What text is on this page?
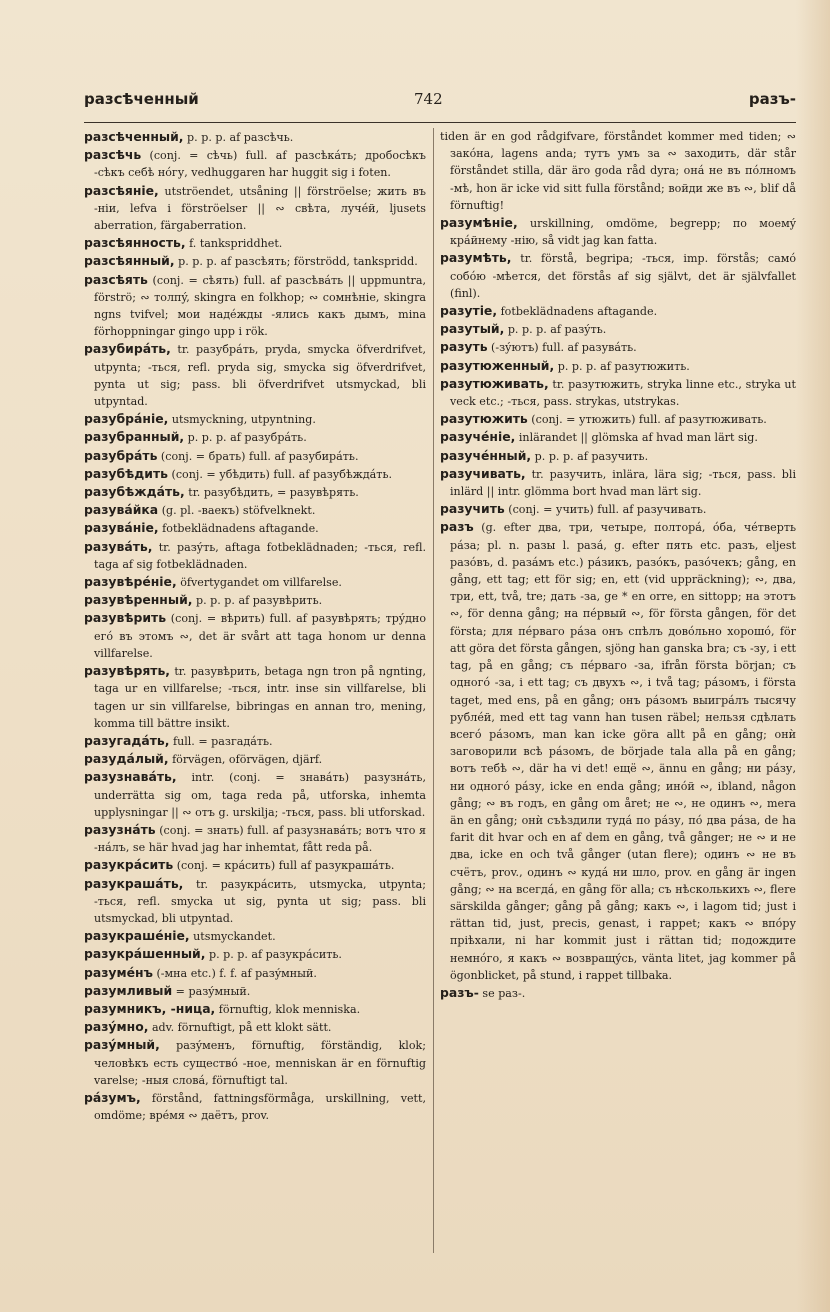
разсѣченный	742	разъ-
разсѣченный, p. p. p. af разсѣчь.
разсѣчь (conj. = сѣчь) full. af разсѣкáть; дробосѣкъ -сѣкъ себѣ нóгу, vedhuggaren har huggit sig i foten.
разсѣянie, utströendet, utsåning || förströelse; жить въ -нiи, lefva i förströelser || ∾ свѣта, лучéй, ljusets aberration, färgaberration.
разсѣянность, f. tankspriddhet.
разсѣянный, p. p. p. af разсѣять; förströdd, tankspridd.
разсѣять (conj. = сѣять) full. af разсѣвáть || uppmuntra, förströ; ∾ толпý, skingra en folkhop; ∾ сомнѣнie, skingra ngns tvifvel; мои надéжды -ялись какъ дымъ, mina förhoppningar gingo upp i rök.
разубирáть, tr. разубрáть, pryda, smycka öfverdrifvet, utpynta; -ться, refl. pryda sig, smycka sig öfverdrifvet, pynta ut sig; pass. bli öfverdrifvet utsmyckad, bli utpyntad.
разубрáнie, utsmyckning, utpyntning.
разубранный, p. p. p. af разубрáть.
разубрáть (conj. = брать) full. af разубирáть.
разубѣдить (conj. = убѣдить) full. af разубѣждáть.
разубѣждáть, tr. разубѣдить, = разувѣрять.
разувáйка (g. pl. -ваекъ) stöfvelknekt.
разувáнie, fotbeklädnadens aftagande.
разувáть, tr. разýть, aftaga fotbeklädnaden; -ться, refl. taga af sig fotbeklädnaden.
разувѣрéнie, öfvertygandet om villfarelse.
разувѣренный, p. p. p. af разувѣрить.
разувѣрить (conj. = вѣрить) full. af разувѣрять; трýдно егó въ этомъ ∾, det är svårt att taga honom ur denna villfarelse.
разувѣрять, tr. разувѣрить, betaga ngn tron på ngnting, taga ur en villfarelse; -ться, intr. inse sin villfarelse, bli tagen ur sin villfarelse, bibringas en annan tro, mening, komma till bättre insikt.
разугадáть, full. = разгадáть.
разудáлый, förvägen, oförvägen, djärf.
разузнавáть, intr. (conj. = знавáть) разузнáть, underrätta sig om, taga reda på, utforska, inhemta upplysningar || ∾ отъ g. urskilja; -ться, pass. bli utforskad.
разузнáть (conj. = знать) full. af разузнавáть; вотъ что я -нáлъ, se här hvad jag har inhemtat, fått reda på.
разукрáсить (conj. = крáсить) full af разукрашáть.
разукрашáть, tr. разукрáсить, utsmycka, utpynta; -ться, refl. smycka ut sig, pynta ut sig; pass. bli utsmyckad, bli utpyntad.
разукрашéнie, utsmyckandet.
разукрáшенный, p. p. p. af разукрáсить.
разумéнъ (-мна etc.) f. f. af разýмный.
разумливый = разýмный.
разумникъ, -ница, förnuftig, klok menniska.
разýмно, adv. förnuftigt, på ett klokt sätt.
разýмный, разýменъ, förnuftig, förständig, klok; человѣкъ есть существó -ное, menniskan är en förnuftig varelse; -ныя словá, förnuftigt tal.
рáзумъ, förstånd, fattningsförmåga, urskillning, vett, omdöme; врéмя ∾ даётъ, prov.
tiden är en god rådgifvare, förståndet kommer med tiden; ∾ закóна, lagens anda; тутъ умъ за ∾ заходить, där står förståndet stilla, där äro goda råd dyra; онá не въ пóлномъ -мѣ, hon är icke vid sitt fulla förstånd; войди же въ ∾, blif då förnuftig!
разумѣнie, urskillning, omdöme, begrepp; по моемý крáйнему -нiю, så vidt jag kan fatta.
разумѣть, tr. förstå, begripa; -ться, imp. förstås; самó собóю -мѣется, det förstås af sig självt, det är självfallet (finl).
разутie, fotbeklädnadens aftagande.
разутый, p. p. p. af разýть.
разуть (-зýютъ) full. af разувáть.
разутюженный, p. p. p. af разутюжить.
разутюживать, tr. разутюжить, stryka linne etc., stryka ut veck etc.; -ться, pass. strykas, utstrykas.
разутюжить (conj. = утюжить) full. af разутюживать.
разучéнie, inlärandet || glömska af hvad man lärt sig.
разучéнный, p. p. p. af разучить.
разучивать, tr. разучить, inlära, lära sig; -ться, pass. bli inlärd || intr. glömma bort hvad man lärt sig.
разучить (conj. = учить) full. af разучивать.
разъ (g. efter два, три, четыре, полторá, óба, чéтверть рáза; pl. n. разы l. разá, g. efter пять etc. разъ, eljest разóвъ, d. разáмъ etc.) рáзикъ, разóкъ, разóчекъ; gång, en gång, ett tag; ett för sig; en, ett (vid uppräckning); ∾, два, три, ett, två, tre; дать -за, ge * en orre, en sittopp; на этотъ ∾, för denna gång; на пéрвый ∾, för första gången, för det första; для пéрваго рáза онъ спѣлъ довóльно хорошó, för att göra det första gången, sjöng han ganska bra; съ -зу, i ett tag, på en gång; съ пéрваго -за, ifrån första början; съ одногó -за, i ett tag; съ двухъ ∾, i två tag; рáзомъ, i första taget, med ens, på en gång; онъ рáзомъ выигрáлъ тысячу рублéй, med ett tag vann han tusen räbel; нельзя сдѣлать всегó рáзомъ, man kan icke göra allt på en gång; онѝ заговорили всѣ рáзомъ, de började tala alla på en gång; вотъ тебѣ ∾, där ha vi det! ещё ∾, ännu en gång; ни рáзу, ни одногó рáзу, icke en enda gång; инóй ∾, ibland, någon gång; ∾ въ годъ, en gång om året; не ∾, не одинъ ∾, mera än en gång; онѝ съѣздили тудá по рáзу, пó два рáза, de ha farit dit hvar och en af dem en gång, två gånger; не ∾ и не два, icke en och två gånger (utan flere); одинъ ∾ не въ счётъ, prov., одинъ ∾ кудá ни шло, prov. en gång är ingen gång; ∾ на всегдá, en gång för alla; съ нѣсколькихъ ∾, flere särskilda gånger; gång på gång; какъ ∾, i lagom tid; just i rättan tid, just, precis, genast, i rappet; какъ ∾ впóру прiѣхали, ni har kommit just i rättan tid; подождите немнóго, я какъ ∾ возвращýсь, vänta litet, jag kommer på ögonblicket, på stund, i rappet tillbaka.
разъ- se раз-.
